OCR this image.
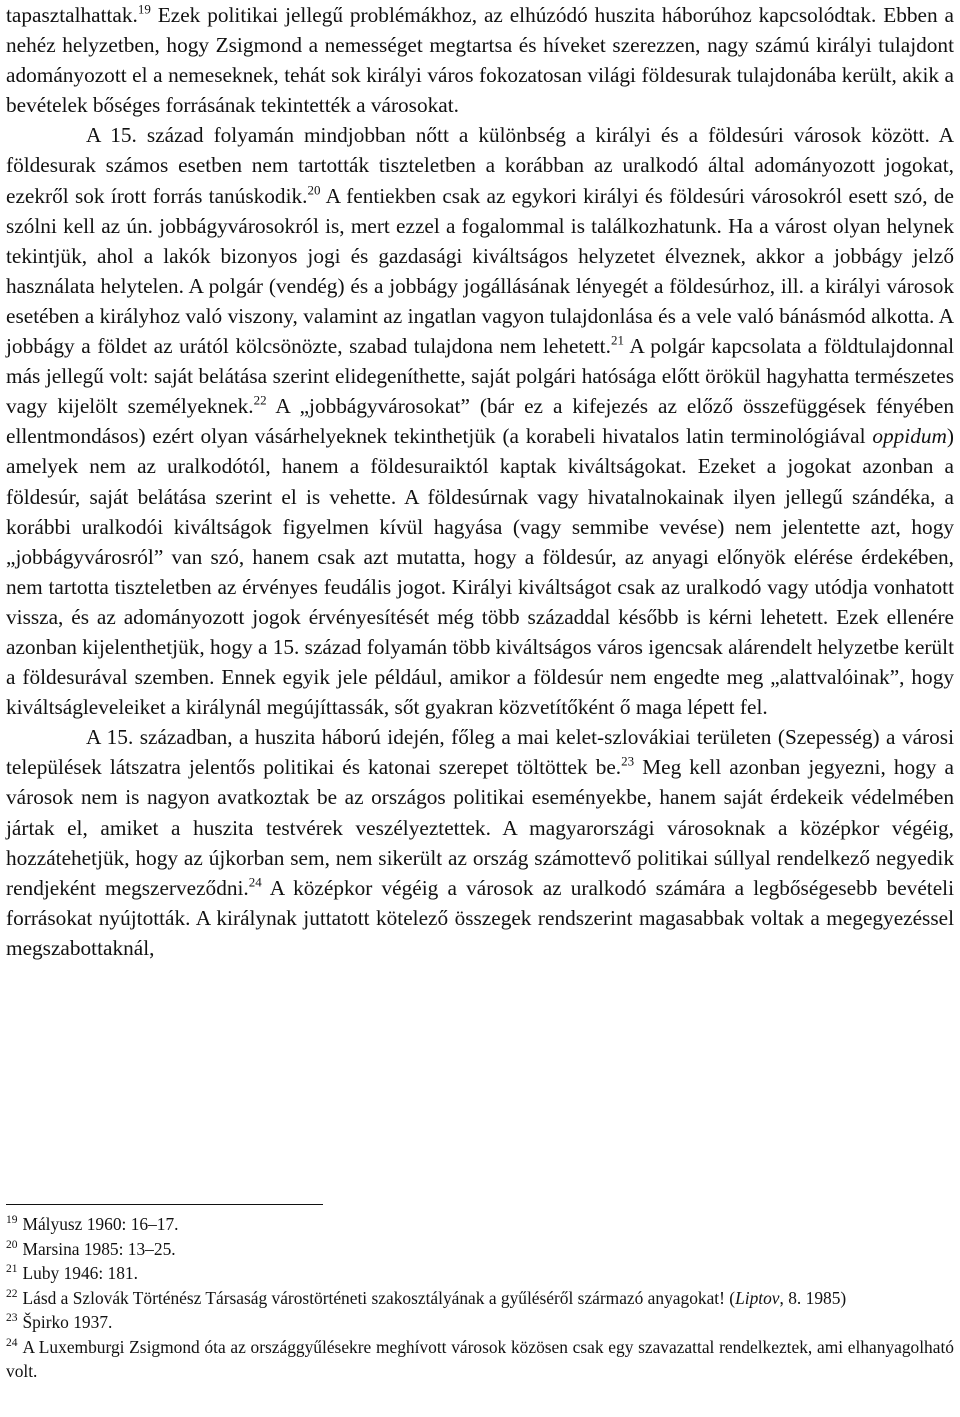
tapasztalhattak.$^{19}$ Ezek politikai jellegű problémákhoz, az elhúzódó huszita háborúhoz kapcsolódtak. Ebben a nehéz helyzetben, hogy Zsigmond a nemességet megtartsa és híveket szerezzen, nagy számú királyi tulajdont adományozott el a nemeseknek, tehát sok királyi város fokozatosan világi földesurak tulajdonába került, akik a bevételek bőséges forrásának tekintették a városokat.

A 15. század folyamán mindjobban nőtt a különbség a királyi és a földesúri városok között. A földesurak számos esetben nem tartották tiszteletben a korábban az uralkodó által adományozott jogokat, ezekről sok írott forrás tanúskodik.$^{20}$ A fentiekben csak az egykori királyi és földesúri városokról esett szó, de szólni kell az ún. jobbágyvárosokról is, mert ezzel a fogalommal is találkozhatunk. Ha a várost olyan helynek tekintjük, ahol a lakók bizonyos jogi és gazdasági kiváltságos helyzetet élveznek, akkor a jobbágy jelző használata helytelen. A polgár (vendég) és a jobbágy jogállásának lényegét a földesúrhoz, ill. a királyi városok esetében a királyhoz való viszony, valamint az ingatlan vagyon tulajdonlása és a vele való bánásmód alkotta. A jobbágy a földet az urától kölcsönözte, szabad tulajdona nem lehetett.$^{21}$ A polgár kapcsolata a földtulajdonnal más jellegű volt: saját belátása szerint elidegeníthette, saját polgári hatósága előtt örökül hagyhatta természetes vagy kijelölt személyeknek.$^{22}$ A „jobbágyvárosokat” (bár ez a kifejezés az előző összefüggések fényében ellentmondásos) ezért olyan vásárhelyeknek tekinthetjük (a korabeli hivatalos latin terminológiával oppidum) amelyek nem az uralkodótól, hanem a földesuraiktól kaptak kiváltságokat. Ezeket a jogokat azonban a földesúr, saját belátása szerint el is vehette. A földesúrnak vagy hivatalnokainak ilyen jellegű szándéka, a korábbi uralkodói kiváltságok figyelmen kívül hagyása (vagy semmibe vevése) nem jelentette azt, hogy „jobbágyvárosról” van szó, hanem csak azt mutatta, hogy a földesúr, az anyagi előnyök elérése érdekében, nem tartotta tiszteletben az érvényes feudális jogot. Királyi kiváltságot csak az uralkodó vagy utódja vonhatott vissza, és az adományozott jogok érvényesítését még több századdal később is kérni lehetett. Ezek ellenére azonban kijelenthetjük, hogy a 15. század folyamán több kiváltságos város igencsak alárendelt helyzetbe került a földesurával szemben. Ennek egyik jele például, amikor a földesúr nem engedte meg „alattvalóinak”, hogy kiváltságleveleiket a királynál megújíttassák, sőt gyakran közvetítőként ő maga lépett fel.

A 15. században, a huszita háború idején, főleg a mai kelet-szlovákiai területen (Szepesség) a városi települések látszatra jelentős politikai és katonai szerepet töltöttek be.$^{23}$ Meg kell azonban jegyezni, hogy a városok nem is nagyon avatkoztak be az országos politikai eseményekbe, hanem saját érdekeik védelmében jártak el, amiket a huszita testvérek veszélyeztettek. A magyarországi városoknak a középkor végéig, hozzátehetjük, hogy az újkorban sem, nem sikerült az ország számottevő politikai súllyal rendelkező negyedik rendjeként megszerveződni.$^{24}$ A középkor végéig a városok az uralkodó számára a legbőségesebb bevételi forrásokat nyújtották. A királynak juttatott kötelező összegek rendszerint magasabbak voltak a megegyezéssel megszabottaknál,

$^{19}$ Mályusz 1960: 16–17.

$^{20}$ Marsina 1985: 13–25.

$^{21}$ Luby 1946: 181.

$^{22}$ Lásd a Szlovák Történész Társaság várostörténeti szakosztályának a gyűléséről származó anyagokat! (Liptov, 8. 1985)

$^{23}$ Špirko 1937.

$^{24}$ A Luxemburgi Zsigmond óta az országgyűlésekre meghívott városok közösen csak egy szavazattal rendelkeztek, ami elhanyagolható volt.
